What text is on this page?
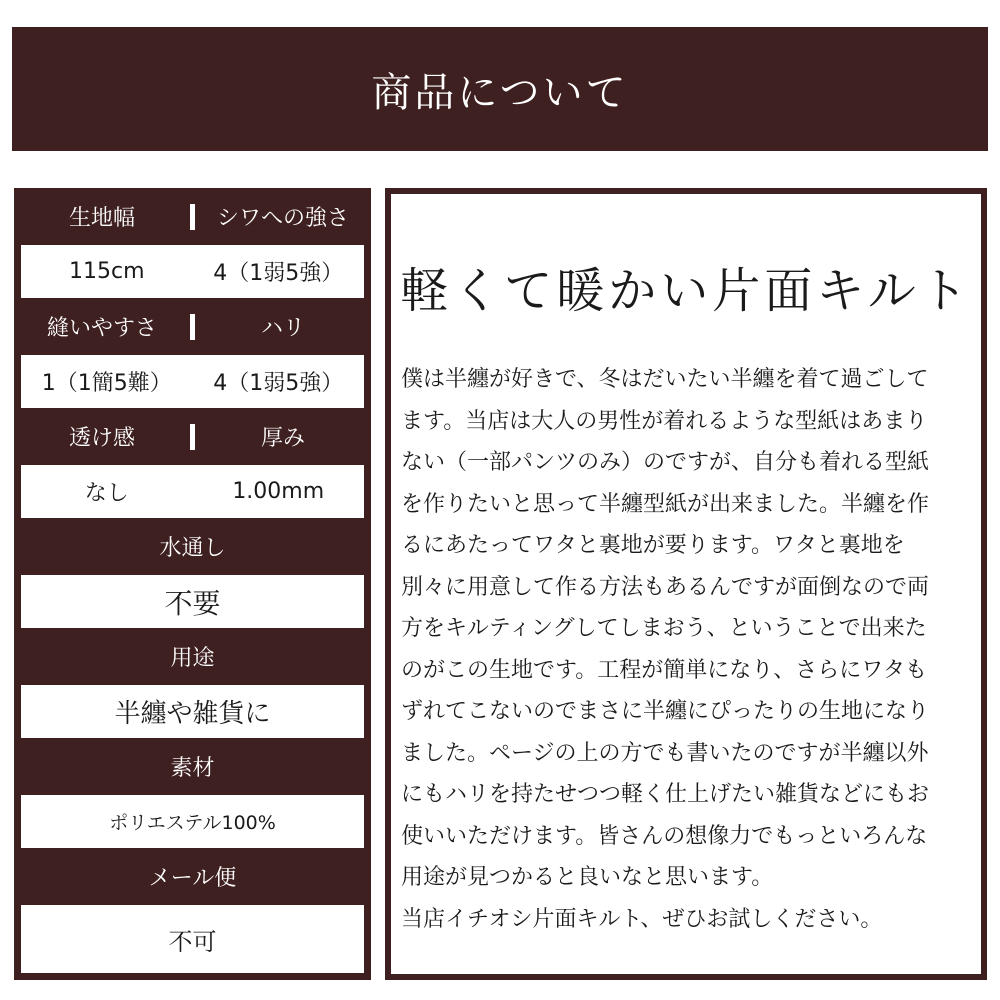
商品について
生地幅	シワへの強さ
115cm	4（1弱5強）
縫いやすさ	ハリ
1（1簡5難）	4（1弱5強）
透け感	厚み
なし	1.00mm
水通し
不要
用途
半纏や雑貨に
素材
ポリエステル100%
メール便
不可
軽くて暖かい片面キルト

僕は半纏が好きで、冬はだいたい半纏を着て過ごして

ます。当店は大人の男性が着れるような型紙はあまり

ない（一部パンツのみ）のですが、自分も着れる型紙

を作りたいと思って半纏型紙が出来ました。半纏を作

るにあたってワタと裏地が要ります。ワタと裏地を

別々に用意して作る方法もあるんですが面倒なので両

方をキルティングしてしまおう、ということで出来た

のがこの生地です。工程が簡単になり、さらにワタも

ずれてこないのでまさに半纏にぴったりの生地になり

ました。ページの上の方でも書いたのですが半纏以外

にもハリを持たせつつ軽く仕上げたい雑貨などにもお

使いいただけます。皆さんの想像力でもっといろんな

用途が見つかると良いなと思います。

当店イチオシ片面キルト、ぜひお試しください。
